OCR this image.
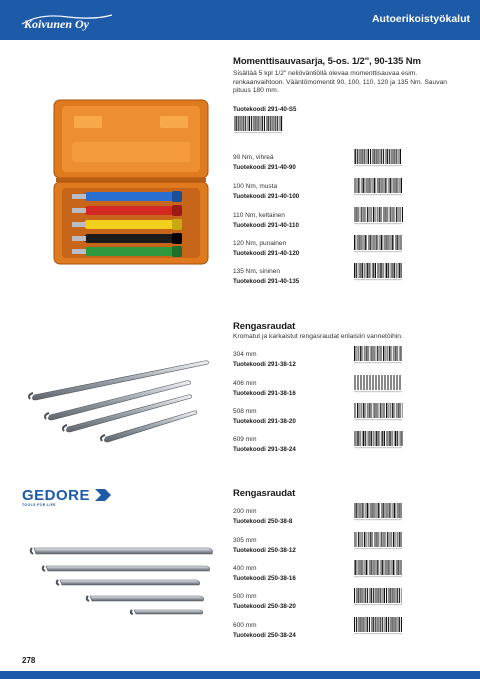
Koivunen Oy	Autoerikoistyökalut
Momenttisauvasarja, 5-os. 1/2", 90-135 Nm
Sisältää 5 kpl 1/2" neliöväntiöllä olevaa momenttisauvaa esim. renkaanvaihtoon. Vääntömomentit 90, 100, 110, 120 ja 135 Nm. Sauvan pituus 180 mm.
Tuotekoodi 291-40-S5
90 Nm, vihreä
Tuotekoodi 291-40-90
100 Nm, musta
Tuotekoodi 291-40-100
110 Nm, keltainen
Tuotekoodi 291-40-110
120 Nm, punainen
Tuotekoodi 291-40-120
135 Nm, sininen
Tuotekoodi 291-40-135
Rengasraudat
Kromatut ja karkaistut rengasraudat erilaisiin vannetöihin.
304 mm
Tuotekoodi 291-38-12
406 mm
Tuotekoodi 291-38-16
508 mm
Tuotekoodi 291-38-20
609 mm
Tuotekoodi 291-38-24
GEDORE
TOOLS FOR LIFE
Rengasraudat
200 mm
Tuotekoodi 250-38-8
305 mm
Tuotekoodi 250-38-12
400 mm
Tuotekoodi 250-38-16
500 mm
Tuotekoodi 250-38-20
600 mm
Tuotekoodi 250-38-24
278
